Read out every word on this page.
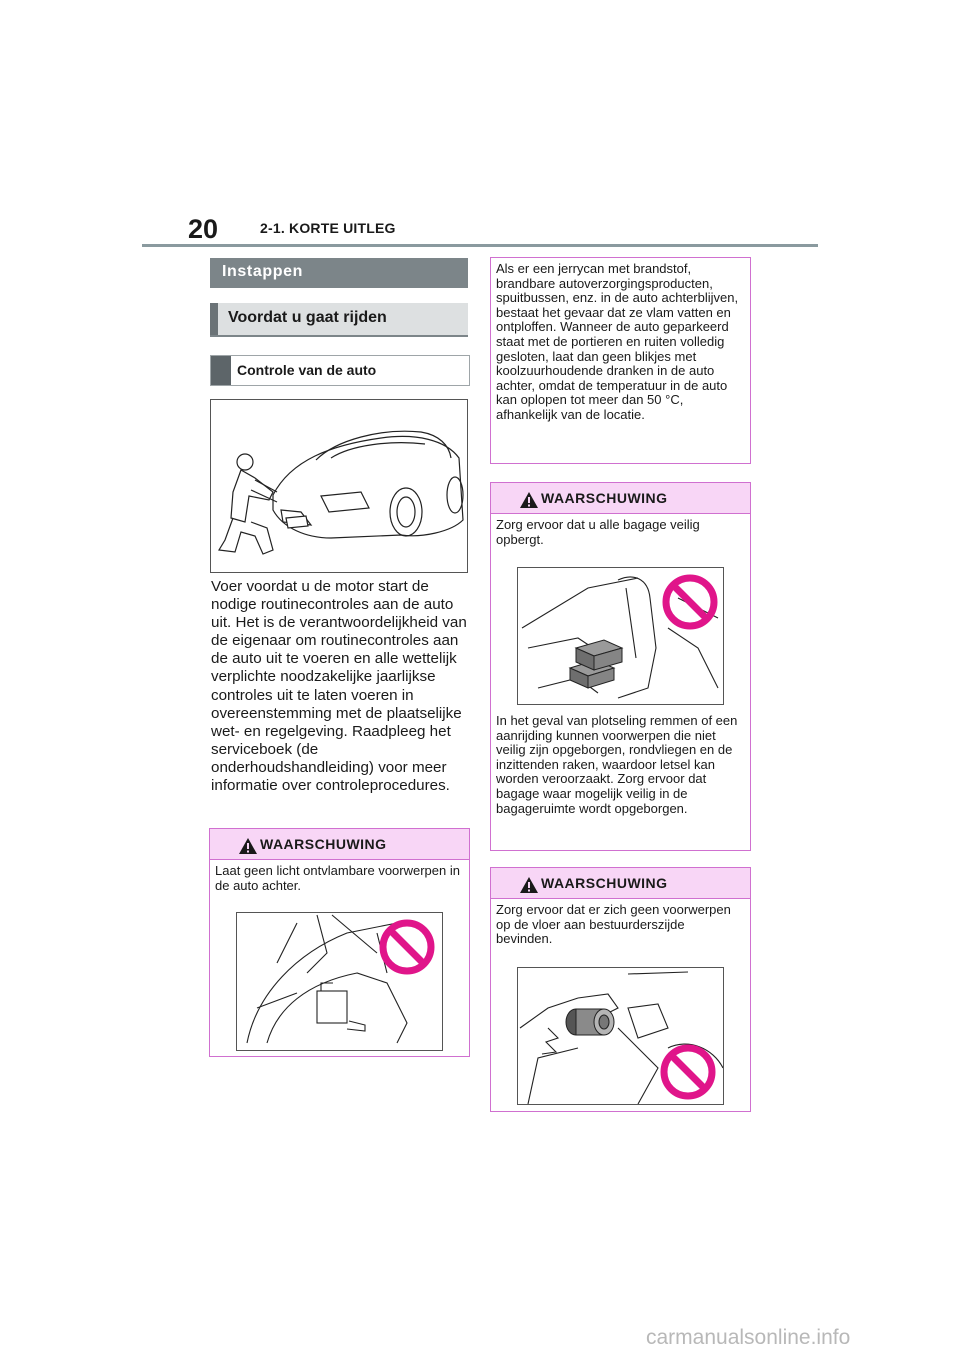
20	2-1. KORTE UITLEG
Instappen
Voordat u gaat rijden
Controle van de auto
Voer voordat u de motor start de nodige routinecontroles aan de auto uit. Het is de verantwoordelijkheid van de eigenaar om routinecontroles aan de auto uit te voeren en alle wettelijk verplichte noodzakelijke jaarlijkse controles uit te laten voeren in overeenstemming met de plaatselijke wet- en regelgeving. Raadpleeg het serviceboek (de onderhoudshandleiding) voor meer informatie over controleprocedures.
WAARSCHUWING
Laat geen licht ontvlambare voorwerpen in de auto achter.
Als er een jerrycan met brandstof, brandbare autoverzorgingsproducten, spuitbussen, enz. in de auto achterblijven, bestaat het gevaar dat ze vlam vatten en ontploffen. Wanneer de auto geparkeerd staat met de portieren en ruiten volledig gesloten, laat dan geen blikjes met koolzuurhoudende dranken in de auto achter, omdat de temperatuur in de auto kan oplopen tot meer dan 50 °C, afhankelijk van de locatie.
WAARSCHUWING
Zorg ervoor dat u alle bagage veilig opbergt.
In het geval van plotseling remmen of een aanrijding kunnen voorwerpen die niet veilig zijn opgeborgen, rondvliegen en de inzittenden raken, waardoor letsel kan worden veroorzaakt. Zorg ervoor dat bagage waar mogelijk veilig in de bagageruimte wordt opgeborgen.
WAARSCHUWING
Zorg ervoor dat er zich geen voorwerpen op de vloer aan bestuurderszijde bevinden.
carmanualsonline.info
